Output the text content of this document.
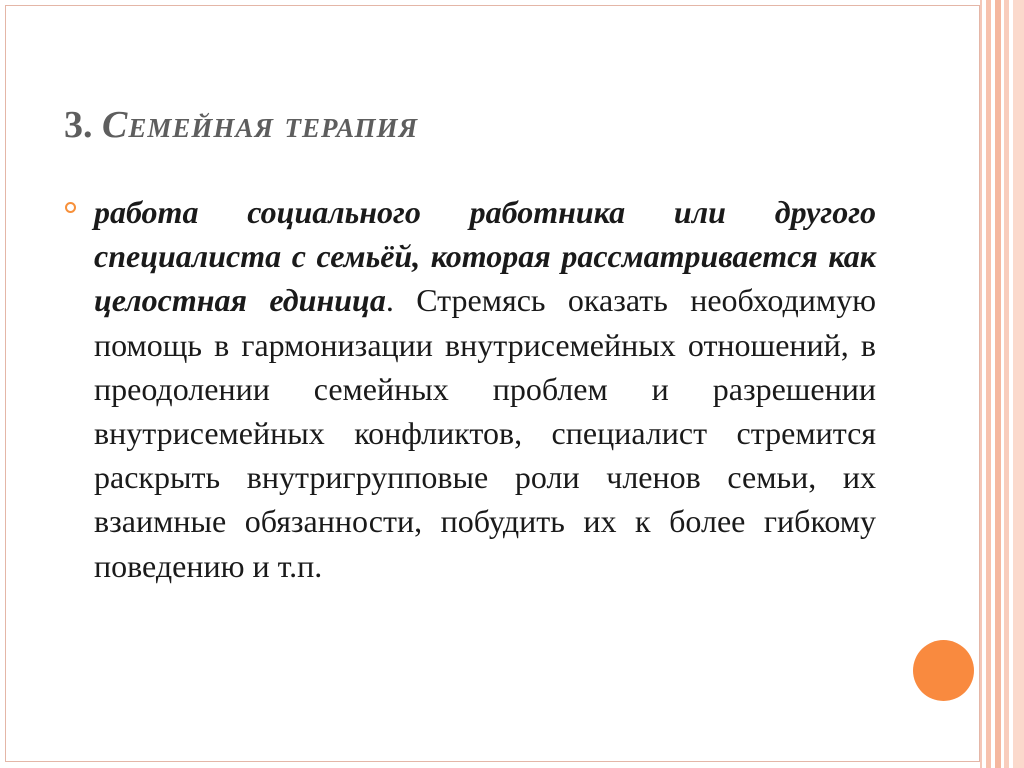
3. Семейная терапия

работа социального работника или другого специалиста с семьёй, которая рассматривается как целостная единица. Стремясь оказать необходимую помощь в гармонизации внутрисемейных отношений, в преодолении семейных проблем и разрешении внутрисемейных конфликтов, специалист стремится раскрыть внутригрупповые роли членов семьи, их взаимные обязанности, побудить их к более гибкому поведению и т.п.
